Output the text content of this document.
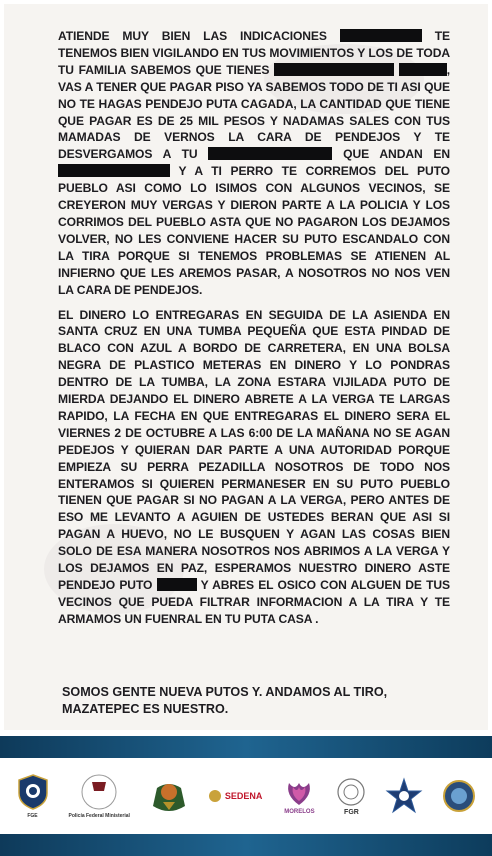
ATIENDE MUY BIEN LAS INDICACIONES	TE TENEMOS BIEN VIGILANDO EN TUS MOVIMIENTOS Y LOS DE TODA TU FAMILIA SABEMOS QUE TIENES	, VAS A TENER QUE PAGAR PISO YA SABEMOS TODO DE TI ASI QUE NO TE HAGAS PENDEJO PUTA CAGADA, LA CANTIDAD QUE TIENE QUE PAGAR ES DE 25 MIL PESOS Y NADAMAS SALES CON TUS MAMADAS DE VERNOS LA CARA DE PENDEJOS Y TE DESVERGAMOS A TU	QUE ANDAN EN  Y A TI PERRO TE CORREMOS DEL PUTO PUEBLO ASI COMO LO ISIMOS CON ALGUNOS VECINOS, SE CREYERON MUY VERGAS Y DIERON PARTE A LA POLICIA Y LOS CORRIMOS DEL PUEBLO ASTA QUE NO PAGARON LOS DEJAMOS VOLVER, NO LES CONVIENE HACER SU PUTO ESCANDALO CON LA TIRA PORQUE SI TENEMOS PROBLEMAS SE ATIENEN AL INFIERNO QUE LES AREMOS PASAR, A NOSOTROS NO NOS VEN LA CARA DE PENDEJOS.

EL DINERO LO ENTREGARAS EN SEGUIDA DE LA ASIENDA EN SANTA CRUZ EN UNA TUMBA PEQUEÑA QUE ESTA PINDAD DE BLACO CON AZUL A BORDO DE CARRETERA, EN UNA BOLSA NEGRA DE PLASTICO METERAS EN DINERO Y LO PONDRAS DENTRO DE LA TUMBA, LA ZONA ESTARA VIJILADA PUTO DE MIERDA DEJANDO EL DINERO ABRETE A LA VERGA TE LARGAS RAPIDO, LA FECHA EN QUE ENTREGARAS EL DINERO SERA EL VIERNES 2 DE OCTUBRE A LAS 6:00 DE LA MAÑANA NO SE AGAN PEDEJOS Y QUIERAN DAR PARTE A UNA AUTORIDAD PORQUE EMPIEZA SU PERRA PEZADILLA NOSOTROS DE TODO NOS ENTERAMOS SI QUIEREN PERMANESER EN SU PUTO PUEBLO TIENEN QUE PAGAR SI NO PAGAN A LA VERGA, PERO ANTES DE ESO ME LEVANTO A AGUIEN DE USTEDES BERAN QUE ASI SI PAGAN A HUEVO, NO LE BUSQUEN Y AGAN LAS COSAS BIEN SOLO DE ESA MANERA NOSOTROS NOS ABRIMOS A LA VERGA Y LOS DEJAMOS EN PAZ, ESPERAMOS NUESTRO DINERO ASTE PENDEJO PUTO	Y ABRES EL OSICO CON ALGUEN DE TUS VECINOS QUE PUEDA FILTRAR INFORMACION A LA TIRA Y TE ARMAMOS UN FUENRAL EN TU PUTA CASA .

SOMOS GENTE NUEVA PUTOS Y. ANDAMOS AL TIRO, MAZATEPEC ES NUESTRO.
FGE	Policía Federal Ministerial
SEDENA
MORELOS	FGR
